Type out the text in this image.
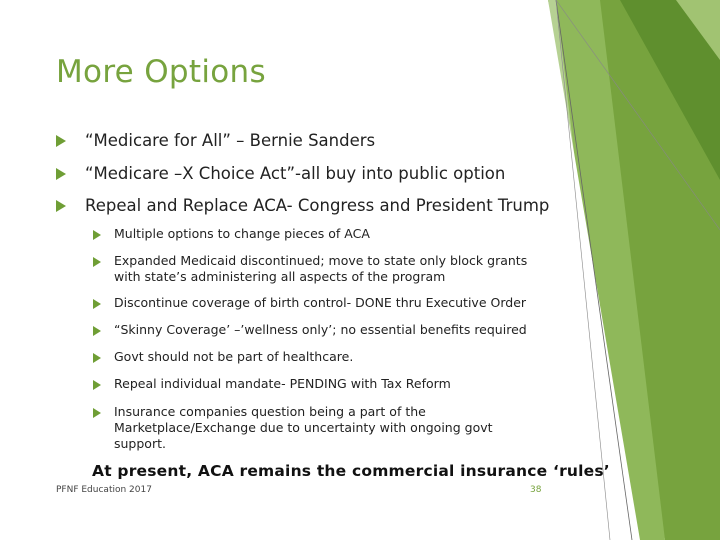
More Options
“Medicare for All” – Bernie Sanders
“Medicare –X Choice Act”-all buy into public option
Repeal and Replace ACA- Congress and President Trump
Multiple options to change pieces of ACA
Expanded Medicaid discontinued; move to state only block grants with state’s administering all aspects of the program
Discontinue coverage of birth control- DONE thru Executive Order
“Skinny Coverage’ –’wellness only’; no essential benefits required
Govt should not be part of healthcare.
Repeal individual mandate- PENDING with Tax Reform
Insurance companies question being a part of the Marketplace/Exchange due to uncertainty with ongoing govt support.
At present, ACA remains the commercial insurance ‘rules’
PFNF Education 2017	38
